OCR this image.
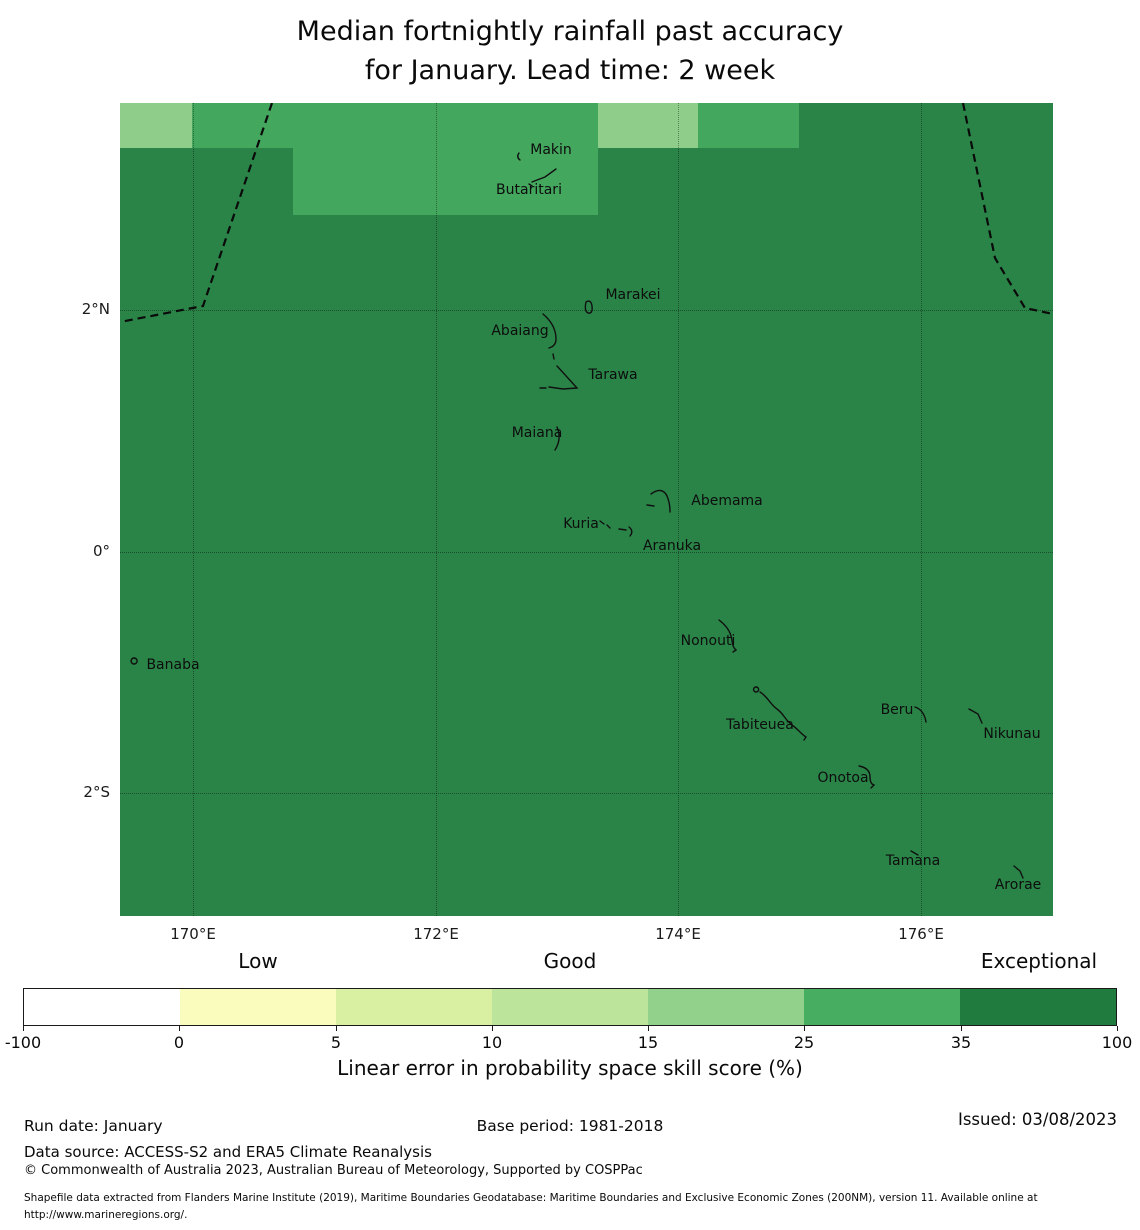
Median fortnightly rainfall past accuracy
for January. Lead time: 2 week
Makin
Butaritari
Marakei
Abaiang
Tarawa
Maiana
Abemama
Kuria
Aranuka
Nonouti
Banaba
Tabiteuea
Beru
Nikunau
Onotoa
Tamana
Arorae
170°E	172°E	174°E	176°E
2°N
0°
2°S
Low	Good	Exceptional
-100	0	5	10	15	25	35	100
Linear error in probability space skill score (%)
Run date: January	Base period: 1981-2018	Issued: 03/08/2023
Data source: ACCESS-S2 and ERA5 Climate Reanalysis
© Commonwealth of Australia 2023, Australian Bureau of Meteorology, Supported by COSPPac
Shapefile data extracted from Flanders Marine Institute (2019), Maritime Boundaries Geodatabase: Maritime Boundaries and Exclusive Economic Zones (200NM), version 11. Available online at http://www.marineregions.org/.
